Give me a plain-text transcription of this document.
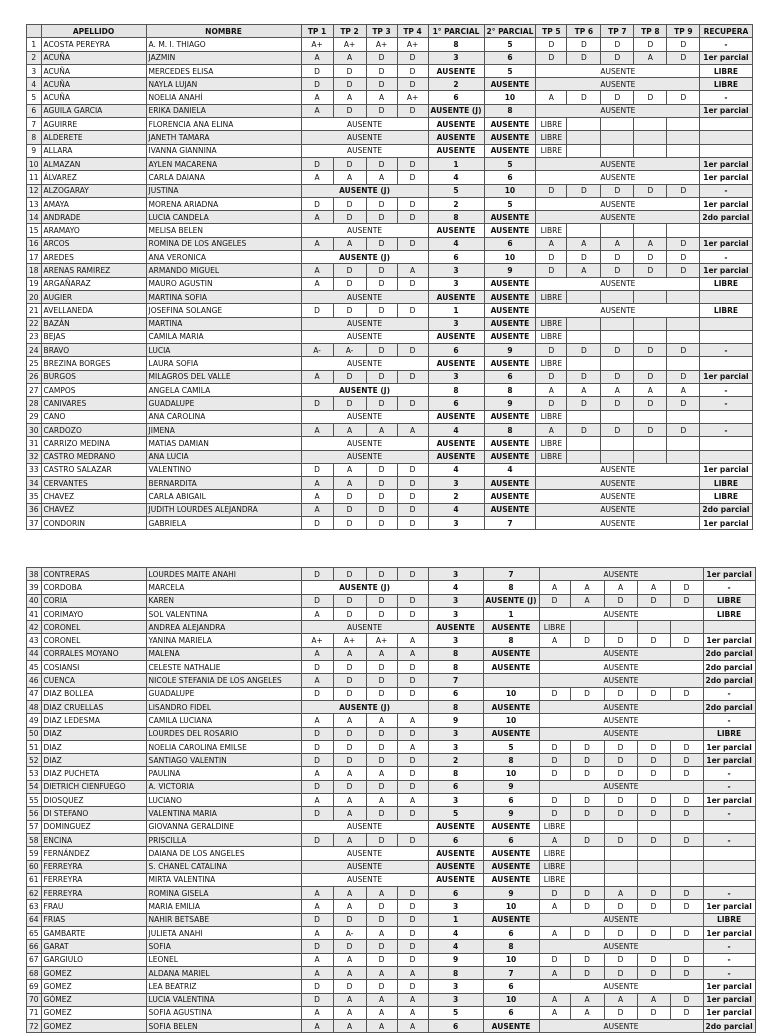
	APELLIDO	NOMBRE	TP 1	TP 2	TP 3	TP 4	1° PARCIAL	2° PARCIAL	TP 5	TP 6	TP 7	TP 8	TP 9	RECUPERA
1	ACOSTA PEREYRA	A. M. I. THIAGO	A+	A+	A+	A+	8	5	D	D	D	D	D	-
2	ACUÑA	JAZMIN	A	A	D	D	3	6	D	D	D	A	D	1er parcial
3	ACUÑA	MERCEDES ELISA	D	D	D	D	AUSENTE	5	AUSENTE					LIBRE
4	ACUÑA	NAYLA LUJAN	D	D	D	D	2	AUSENTE	AUSENTE					LIBRE
5	ACUÑA	NOELIA ANAHÍ	A	A	A	A+	6	10	A	D	D	D	D	-
6	AGUILA GARCIA	ERIKA DANIELA	A	D	D	D	AUSENTE (J)	8	AUSENTE					1er parcial
7	AGUIRRE	FLORENCIA ANA ELINA	AUSENTE				AUSENTE	AUSENTE	LIBRE					
8	ALDERETE	JANETH TAMARA	AUSENTE				AUSENTE	AUSENTE	LIBRE					
9	ALLARA	IVANNA GIANNINA	AUSENTE				AUSENTE	AUSENTE	LIBRE					
10	ALMAZAN	AYLEN MACARENA	D	D	D	D	1	5	AUSENTE					1er parcial
11	ÁLVAREZ	CARLA DAIANA	A	A	A	D	4	6	AUSENTE					1er parcial
12	ALZOGARAY	JUSTINA	AUSENTE (J)				5	10	D	D	D	D	D	-
13	AMAYA	MORENA ARIADNA	D	D	D	D	2	5	AUSENTE					1er parcial
14	ANDRADE	LUCIA CANDELA	A	D	D	D	8	AUSENTE	AUSENTE					2do parcial
15	ARAMAYO	MELISA BELEN	AUSENTE				AUSENTE	AUSENTE	LIBRE					
16	ARCOS	ROMINA DE LOS ANGELES	A	A	D	D	4	6	A	A	A	A	D	1er parcial
17	AREDES	ANA VERONICA	AUSENTE (J)				6	10	D	D	D	D	D	-
18	ARENAS RAMIREZ	ARMANDO MIGUEL	A	D	D	A	3	9	D	A	D	D	D	1er parcial
19	ARGAÑARAZ	MAURO AGUSTIN	A	D	D	D	3	AUSENTE	AUSENTE					LIBRE
20	AUGIER	MARTINA SOFIA	AUSENTE				AUSENTE	AUSENTE	LIBRE					
21	AVELLANEDA	JOSEFINA SOLANGE	D	D	D	D	1	AUSENTE	AUSENTE					LIBRE
22	BAZÁN	MARTINA	AUSENTE				3	AUSENTE	LIBRE					
23	BEJAS	CAMILA MARIA	AUSENTE				AUSENTE	AUSENTE	LIBRE					
24	BRAVO	LUCIA	A-	A-	D	D	6	9	D	D	D	D	D	-
25	BREZINA BORGES	LAURA SOFIA	AUSENTE				AUSENTE	AUSENTE	LIBRE					
26	BURGOS	MILAGROS DEL VALLE	A	D	D	D	3	6	D	D	D	D	D	1er parcial
27	CAMPOS	ANGELA CAMILA	AUSENTE (J)				8	8	A	A	A	A	A	-
28	CANIVARES	GUADALUPE	D	D	D	D	6	9	D	D	D	D	D	-
29	CANO	ANA CAROLINA	AUSENTE				AUSENTE	AUSENTE	LIBRE					
30	CARDOZO	JIMENA	A	A	A	A	4	8	A	D	D	D	D	-
31	CARRIZO MEDINA	MATIAS DAMIAN	AUSENTE				AUSENTE	AUSENTE	LIBRE					
32	CASTRO MEDRANO	ANA LUCIA	AUSENTE				AUSENTE	AUSENTE	LIBRE					
33	CASTRO SALAZAR	VALENTINO	D	A	D	D	4	4	AUSENTE					1er parcial
34	CERVANTES	BERNARDITA	A	A	D	D	3	AUSENTE	AUSENTE					LIBRE
35	CHAVEZ	CARLA ABIGAIL	A	D	D	D	2	AUSENTE	AUSENTE					LIBRE
36	CHAVEZ	JUDITH LOURDES ALEJANDRA	A	D	D	D	4	AUSENTE	AUSENTE					2do parcial
37	CONDORIN	GABRIELA	D	D	D	D	3	7	AUSENTE					1er parcial
38	CONTRERAS	LOURDES MAITE ANAHI	D	D	D	D	3	7	AUSENTE					1er parcial
39	CORDOBA	MARCELA	AUSENTE (J)				4	8	A	A	A	A	D	-
40	CORIA	KAREN	D	D	D	D	3	AUSENTE (J)	D	A	D	D	D	LIBRE
41	CORIMAYO	SOL VALENTINA	A	D	D	D	3	1	AUSENTE					LIBRE
42	CORONEL	ANDREA ALEJANDRA	AUSENTE				AUSENTE	AUSENTE	LIBRE					
43	CORONEL	YANINA MARIELA	A+	A+	A+	A	3	8	A	D	D	D	D	1er parcial
44	CORRALES MOYANO	MALENA	A	A	A	A	8	AUSENTE	AUSENTE					2do parcial
45	COSIANSI	CELESTE NATHALIE	D	D	D	D	8	AUSENTE	AUSENTE					2do parcial
46	CUENCA	NICOLE STEFANIA DE LOS ANGELES	A	D	D	D	7		AUSENTE					2do parcial
47	DIAZ BOLLEA	GUADALUPE	D	D	D	D	6	10	D	D	D	D	D	-
48	DIAZ CRUELLAS	LISANDRO FIDEL	AUSENTE (J)				8	AUSENTE	AUSENTE					2do parcial
49	DIAZ LEDESMA	CAMILA LUCIANA	A	A	A	A	9	10	AUSENTE					-
50	DIAZ	LOURDES DEL ROSARIO	D	D	D	D	3	AUSENTE	AUSENTE					LIBRE
51	DIAZ	NOELIA CAROLINA EMILSE	D	D	D	A	3	5	D	D	D	D	D	1er parcial
52	DIAZ	SANTIAGO VALENTIN	D	D	D	D	2	8	D	D	D	D	D	1er parcial
53	DIAZ PUCHETA	PAULINA	A	A	A	D	8	10	D	D	D	D	D	-
54	DIETRICH CIENFUEGO	A. VICTORIA	D	D	D	D	6	9	AUSENTE					-
55	DIOSQUEZ	LUCIANO	A	A	A	A	3	6	D	D	D	D	D	1er parcial
56	DI STEFANO	VALENTINA MARIA	D	A	D	D	5	9	D	D	D	D	D	-
57	DOMINGUEZ	GIOVANNA GERALDINE	AUSENTE				AUSENTE	AUSENTE	LIBRE					
58	ENCINA	PRISCILLA	D	A	D	D	6	6	A	D	D	D	D	-
59	FERNÁNDEZ	DAIANA DE LOS ANGELES	AUSENTE				AUSENTE	AUSENTE	LIBRE					
60	FERREYRA	S. CHANEL CATALINA	AUSENTE				AUSENTE	AUSENTE	LIBRE					
61	FERREYRA	MIRTA VALENTINA	AUSENTE				AUSENTE	AUSENTE	LIBRE					
62	FERREYRA	ROMINA GISELA	A	A	A	D	6	9	D	D	A	D	D	-
63	FRAU	MARIA EMILIA	A	A	D	D	3	10	A	D	D	D	D	1er parcial
64	FRIAS	NAHIR BETSABE	D	D	D	D	1	AUSENTE	AUSENTE					LIBRE
65	GAMBARTE	JULIETA ANAHI	A	A-	A	D	4	6	A	D	D	D	D	1er parcial
66	GARAT	SOFIA	D	D	D	D	4	8	AUSENTE					-
67	GARGIULO	LEONEL	A	A	D	D	9	10	D	D	D	D	D	-
68	GOMEZ	ALDANA MARIEL	A	A	A	A	8	7	A	D	D	D	D	-
69	GOMEZ	LEA BEATRIZ	D	D	D	D	3	6	AUSENTE					1er parcial
70	GÓMEZ	LUCIA VALENTINA	D	A	A	A	3	10	A	A	A	A	D	1er parcial
71	GOMEZ	SOFIA AGUSTINA	A	A	A	A	5	6	A	A	D	D	D	1er parcial
72	GOMEZ	SOFIA BELEN	A	A	A	A	6	AUSENTE	AUSENTE					2do parcial
